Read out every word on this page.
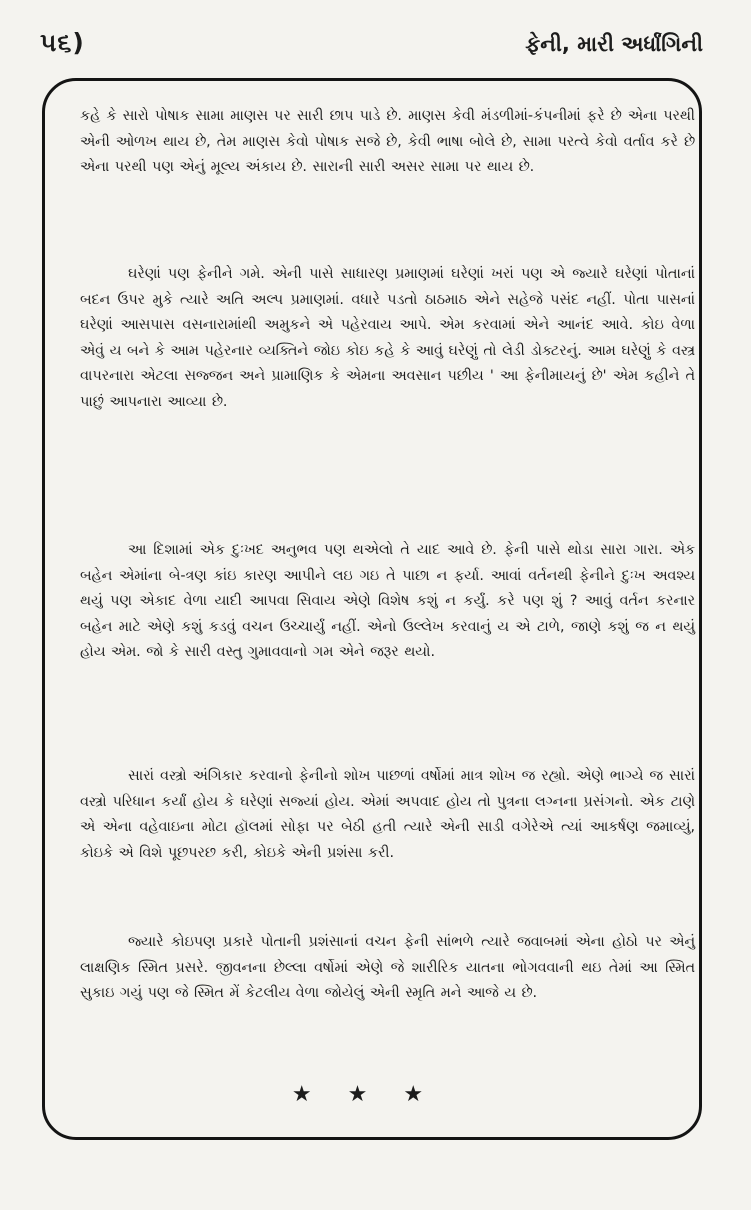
૫૬)	ફેની, મારી અર્ધાંગિની
કહે કે સારો પોષાક સામા માણસ પર સારી છાપ પાડે છે. માણસ કેવી મંડળીમાં-કંપનીમાં ફરે છે એના પરથી એની ઓળખ થાય છે, તેમ માણસ કેવો પોષાક સજે છે, કેવી ભાષા બોલે છે, સામા પરત્વે કેવો વર્તાવ કરે છે એના પરથી પણ એનું મૂલ્ય અંકાય છે. સારાની સારી અસર સામા પર થાય છે.
ઘરેણાં પણ ફેનીને ગમે. એની પાસે સાધારણ પ્રમાણમાં ઘરેણાં ખરાં પણ એ જ્યારે ઘરેણાં પોતાનાં બદન ઉપર મુકે ત્યારે અતિ અલ્પ પ્રમાણમાં. વધારે પડતો ઠાઠમાઠ એને સહેજે પસંદ નહીં. પોતા પાસનાં ઘરેણાં આસપાસ વસનારામાંથી અમુકને એ પહેરવાય આપે. એમ કરવામાં એને આનંદ આવે. કોઇ વેળા એવું ય બને કે આમ પહેરનાર વ્યક્તિને જોઇ કોઇ કહે કે આવું ઘરેણું તો લેડી ડોક્ટરનું. આમ ઘરેણું કે વસ્ત્ર વાપરનારા એટલા સજ્જન અને પ્રામાણિક કે એમના અવસાન પછીય ' આ ફેનીમાયનું છે' એમ કહીને તે પાછું આપનારા આવ્યા છે.
આ દિશામાં એક દુઃખદ અનુભવ પણ થએલો તે યાદ આવે છે. ફેની પાસે થોડા સારા ગારા. એક બહેન એમાંના બે-ત્રણ કાંઇ કારણ આપીને લઇ ગઇ તે પાછા ન ફર્યા. આવાં વર્તનથી ફેનીને દુઃખ અવશ્ય થયું પણ એકાદ વેળા યાદી આપવા સિવાય એણે વિશેષ કશું ન કર્યું. કરે પણ શું ? આવું વર્તન કરનાર બહેન માટે એણે કશું કડવું વચન ઉચ્ચાર્યું નહીં. એનો ઉલ્લેખ કરવાનું ય એ ટાળે, જાણે કશું જ ન થયું હોય એમ. જો કે સારી વસ્તુ ગુમાવવાનો ગમ એને જરૂર થયો.
સારાં વસ્ત્રો અંગિકાર કરવાનો ફેનીનો શોખ પાછળાં વર્ષોમાં માત્ર શોખ જ રહ્યો. એણે ભાગ્યે જ સારાં વસ્ત્રો પરિધાન કર્યાં હોય કે ઘરેણાં સજ્યાં હોય. એમાં અપવાદ હોય તો પુત્રના લગ્નના પ્રસંગનો. એક ટાણે એ એના વહેવાઇના મોટા હૉલમાં સોફા પર બેઠી હતી ત્યારે એની સાડી વગેરેએ ત્યાં આકર્ષણ જમાવ્યું, કોઇકે એ વિશે પૂછપરછ કરી, કોઇકે એની પ્રશંસા કરી.
જ્યારે કોઇપણ પ્રકારે પોતાની પ્રશંસાનાં વચન ફેની સાંભળે ત્યારે જવાબમાં એના હોઠો પર એનું લાક્ષણિક સ્મિત પ્રસરે. જીવનના છેલ્લા વર્ષોમાં એણે જે શારીરિક યાતના ભોગવવાની થઇ તેમાં આ સ્મિત સુકાઇ ગયું પણ જે સ્મિત મેં કેટલીય વેળા જોયેલું એની સ્મૃતિ મને આજે ય છે.
★★★
